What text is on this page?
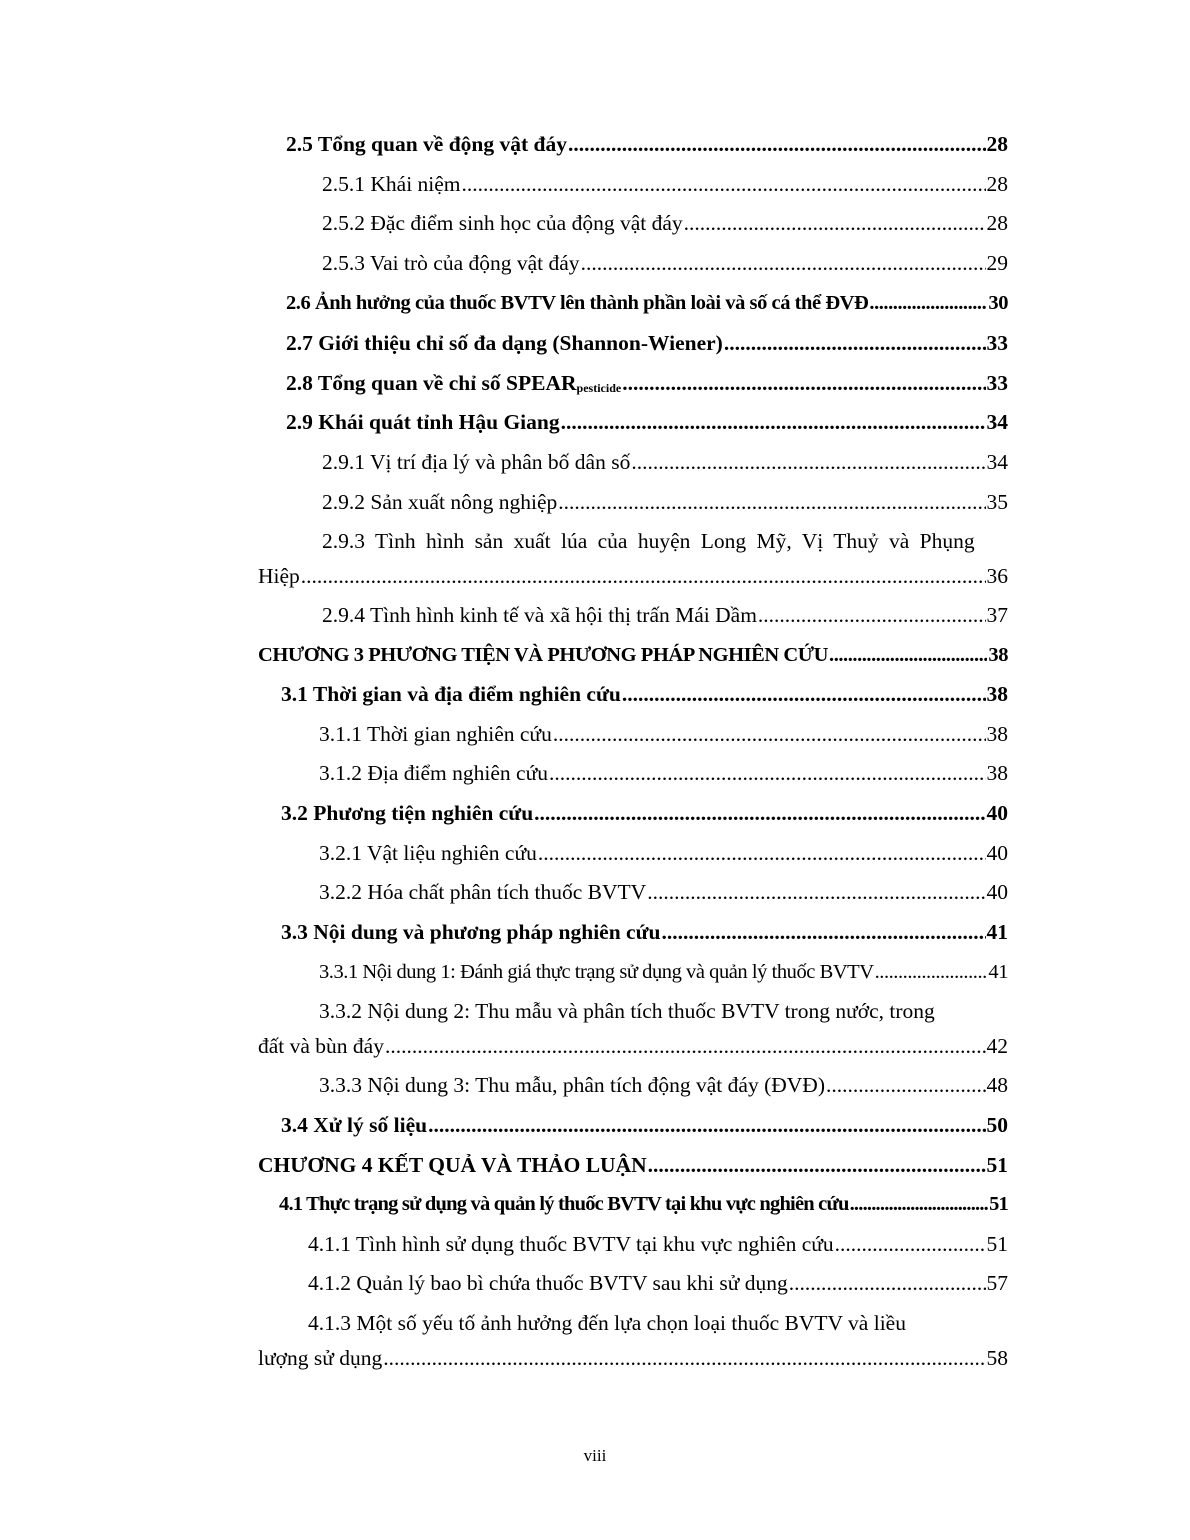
2.5 Tổng quan về động vật đáy .....	28
2.5.1 Khái niệm .....	28
2.5.2 Đặc điểm sinh học của động vật đáy .....	28
2.5.3 Vai trò của động vật đáy .....	29
2.6 Ảnh hưởng của thuốc BVTV lên thành phần loài và số cá thể ĐVĐ .....	30
2.7 Giới thiệu chỉ số đa dạng (Shannon-Wiener) .....	33
2.8 Tổng quan về chỉ số $SPEAR_{pesticide}$ .....	33
2.9 Khái quát tỉnh Hậu Giang .....	34
2.9.1 Vị trí địa lý và phân bố dân số .....	34
2.9.2 Sản xuất nông nghiệp .....	35
2.9.3 Tình hình sản xuất lúa của huyện Long Mỹ, Vị Thuỷ và Phụng
Hiệp .....	36
2.9.4 Tình hình kinh tế và xã hội thị trấn Mái Dầm .....	37
CHƯƠNG 3 PHƯƠNG TIỆN VÀ PHƯƠNG PHÁP NGHIÊN CỨU .....	38
3.1 Thời gian và địa điểm nghiên cứu .....	38
3.1.1 Thời gian nghiên cứu .....	38
3.1.2 Địa điểm nghiên cứu .....	38
3.2 Phương tiện nghiên cứu .....	40
3.2.1 Vật liệu nghiên cứu .....	40
3.2.2 Hóa chất phân tích thuốc BVTV .....	40
3.3 Nội dung và phương pháp nghiên cứu .....	41
3.3.1 Nội dung 1: Đánh giá thực trạng sử dụng và quản lý thuốc BVTV .....	41
3.3.2 Nội dung 2: Thu mẫu và phân tích thuốc BVTV trong nước, trong
đất và bùn đáy .....	42
3.3.3 Nội dung 3: Thu mẫu, phân tích động vật đáy (ĐVĐ) .....	48
3.4 Xử lý số liệu .....	50
CHƯƠNG 4 KẾT QUẢ VÀ THẢO LUẬN .....	51
4.1 Thực trạng sử dụng và quản lý thuốc BVTV tại khu vực nghiên cứu .....	51
4.1.1 Tình hình sử dụng thuốc BVTV tại khu vực nghiên cứu .....	51
4.1.2 Quản lý bao bì chứa thuốc BVTV sau khi sử dụng .....	57
4.1.3 Một số yếu tố ảnh hưởng đến lựa chọn loại thuốc BVTV và liều
lượng sử dụng .....	58
viii
